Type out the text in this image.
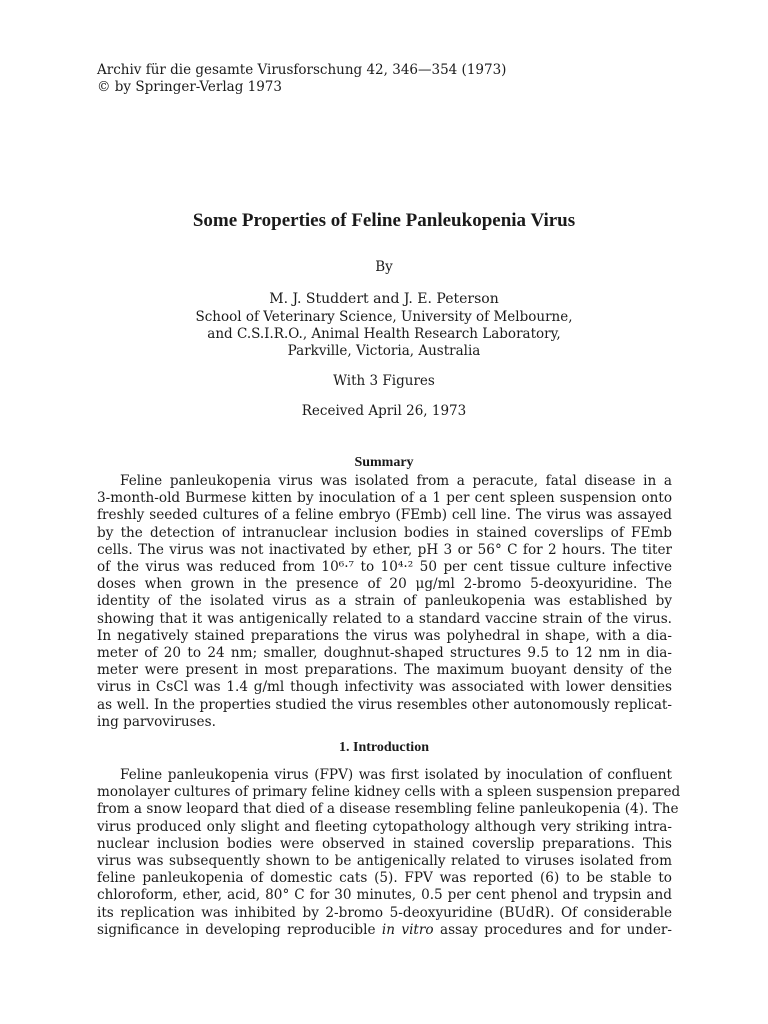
Archiv für die gesamte Virusforschung 42, 346—354 (1973)
© by Springer-Verlag 1973
Some Properties of Feline Panleukopenia Virus
By
M. J. Studdert and J. E. Peterson
School of Veterinary Science, University of Melbourne,
and C.S.I.R.O., Animal Health Research Laboratory,
Parkville, Victoria, Australia
With 3 Figures
Received April 26, 1973
Summary
Feline panleukopenia virus was isolated from a peracute, fatal disease in a
3-month-old Burmese kitten by inoculation of a 1 per cent spleen suspension onto
freshly seeded cultures of a feline embryo (FEmb) cell line. The virus was assayed
by the detection of intranuclear inclusion bodies in stained coverslips of FEmb
cells. The virus was not inactivated by ether, pH 3 or 56° C for 2 hours. The titer
of the virus was reduced from 10⁶·⁷ to 10⁴·² 50 per cent tissue culture infective
doses when grown in the presence of 20 μg/ml 2-bromo 5-deoxyuridine. The
identity of the isolated virus as a strain of panleukopenia was established by
showing that it was antigenically related to a standard vaccine strain of the virus.
In negatively stained preparations the virus was polyhedral in shape, with a dia-
meter of 20 to 24 nm; smaller, doughnut-shaped structures 9.5 to 12 nm in dia-
meter were present in most preparations. The maximum buoyant density of the
virus in CsCl was 1.4 g/ml though infectivity was associated with lower densities
as well. In the properties studied the virus resembles other autonomously replicat-
ing parvoviruses.
1. Introduction
Feline panleukopenia virus (FPV) was first isolated by inoculation of confluent
monolayer cultures of primary feline kidney cells with a spleen suspension prepared
from a snow leopard that died of a disease resembling feline panleukopenia (4). The
virus produced only slight and fleeting cytopathology although very striking intra-
nuclear inclusion bodies were observed in stained coverslip preparations. This
virus was subsequently shown to be antigenically related to viruses isolated from
feline panleukopenia of domestic cats (5). FPV was reported (6) to be stable to
chloroform, ether, acid, 80° C for 30 minutes, 0.5 per cent phenol and trypsin and
its replication was inhibited by 2-bromo 5-deoxyuridine (BUdR). Of considerable
significance in developing reproducible in vitro assay procedures and for under-
